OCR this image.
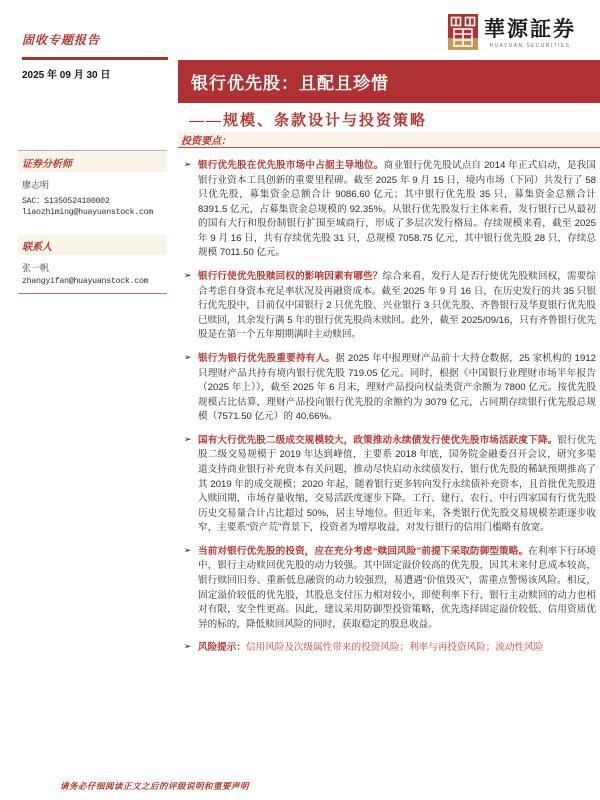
固收专题报告
2025 年 09 月 30 日
華源証券
HUAYUAN SECURITIES
银行优先股：且配且珍惜
——规模、条款设计与投资策略
投资要点：
证券分析师
廖志明
SAC：S1350524100002
liaozhiming@huayuanstock.com
联系人
张一帆
zhangyifan@huayuanstock.com
➢ 银行优先股在优先股市场中占据主导地位。商业银行优先股试点自 2014 年正式启动，是我国银行业资本工具创新的重要里程碑。截至 2025 年 9 月 15 日，境内市场（下同）共发行了 58 只优先股，募集资金总额合计 9086.60 亿元；其中银行优先股 35 只，募集资金总额合计 8391.5 亿元，占募集资金总规模的 92.35%。从银行优先股发行主体来看，发行银行已从最初的国有大行和股份制银行扩围至城商行，形成了多层次发行格局。存续规模来看，截至 2025 年 9 月 16 日，共有存续优先股 31 只，总规模 7058.75 亿元，其中银行优先股 28 只，存续总规模 7011.50 亿元。
➢ 银行行使优先股赎回权的影响因素有哪些？综合来看，发行人是否行使优先股赎回权，需要综合考虑自身资本充足率状况及再融资成本。截至 2025 年 9 月 16 日，在历史发行的共 35 只银行优先股中，目前仅中国银行 2 只优先股、兴业银行 3 只优先股、齐鲁银行及华夏银行优先股已赎回，其余发行满 5 年的银行优先股尚未赎回。此外，截至 2025/09/16，只有齐鲁银行优先股是在第一个五年期期满时主动赎回。
➢ 银行为银行优先股重要持有人。据 2025 年中报理财产品前十大持仓数据，25 家机构的 1912 只理财产品共持有境内银行优先股 719.05 亿元。同时，根据《中国银行业理财市场半年报告（2025 年上）》，截至 2025 年 6 月末，理财产品投向权益类资产余额为 7800 亿元。按优先股规模占比估算，理财产品投向银行优先股的余额约为 3079 亿元，占同期存续银行优先股总规模（7571.50 亿元）的 40.66%。
➢ 国有大行优先股二级成交规模较大，政策推动永续债发行使优先股市场活跃度下降。银行优先股二级交易规模于 2019 年达到峰值，主要系 2018 年底，国务院金融委召开会议，研究多渠道支持商业银行补充资本有关问题，推动尽快启动永续债发行，银行优先股的稀缺预期推高了其 2019 年的成交规模；2020 年起，随着银行更多转向发行永续债补充资本，且首批优先股进入赎回期，市场存量收缩，交易活跃度逐步下降。工行、建行、农行、中行四家国有行优先股历史交易量合计占比超过 50%，居主导地位。但近年来，各类银行优先股交易规模差距逐步收窄，主要系“资产荒”背景下，投资者为增厚收益，对发行银行的信用门槛略有放宽。
➢ 当前对银行优先股的投资，应在充分考虑“赎回风险”前提下采取防御型策略。在利率下行环境中，银行主动赎回优先股的动力较强。其中固定溢价较高的优先股，因其未来付息成本较高，银行赎回旧券、重新低息融资的动力较强烈，易遭遇“价值毁灭”，需重点警惕该风险。相反，固定溢价较低的优先股，其股息支付压力相对较小，即使利率下行，银行主动赎回的动力也相对有限，安全性更高。因此，建议采用防御型投资策略，优先选择固定溢价较低、信用资质优异的标的，降低赎回风险的同时，获取稳定的股息收益。
➢ 风险提示：信用风险及次级属性带来的投资风险；利率与再投资风险；流动性风险
请务必仔细阅读正文之后的评级说明和重要声明
